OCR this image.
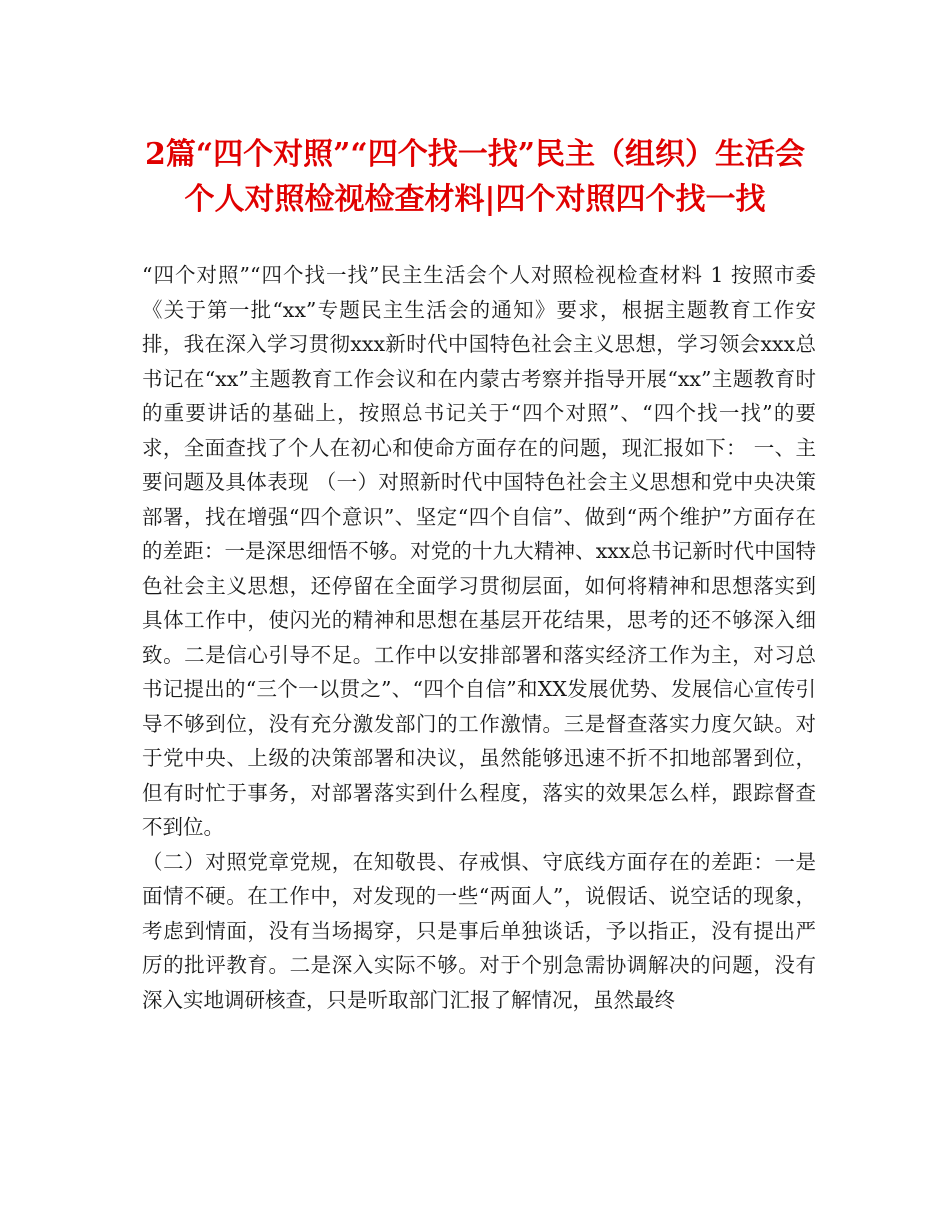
2篇“四个对照”“四个找一找”民主（组织）生活会
个人对照检视检查材料|四个对照四个找一找

“四个对照”“四个找一找”民主生活会个人对照检视检查材料 1 按照市委《关于第一批“xx”专题民主生活会的通知》要求，根据主题教育工作安排，我在深入学习贯彻xxx新时代中国特色社会主义思想，学习领会xxx总书记在“xx”主题教育工作会议和在内蒙古考察并指导开展“xx”主题教育时的重要讲话的基础上，按照总书记关于“四个对照”、“四个找一找”的要求，全面查找了个人在初心和使命方面存在的问题，现汇报如下： 一、主要问题及具体表现 （一）对照新时代中国特色社会主义思想和党中央决策部署，找在增强“四个意识”、坚定“四个自信”、做到“两个维护”方面存在的差距：一是深思细悟不够。对党的十九大精神、xxx总书记新时代中国特色社会主义思想，还停留在全面学习贯彻层面，如何将精神和思想落实到具体工作中，使闪光的精神和思想在基层开花结果，思考的还不够深入细致。二是信心引导不足。工作中以安排部署和落实经济工作为主，对习总书记提出的“三个一以贯之”、“四个自信”和XX发展优势、发展信心宣传引导不够到位，没有充分激发部门的工作激情。三是督查落实力度欠缺。对于党中央、上级的决策部署和决议，虽然能够迅速不折不扣地部署到位，但有时忙于事务，对部署落实到什么程度，落实的效果怎么样，跟踪督查不到位。

（二）对照党章党规，在知敬畏、存戒惧、守底线方面存在的差距：一是面情不硬。在工作中，对发现的一些“两面人”，说假话、说空话的现象，考虑到情面，没有当场揭穿，只是事后单独谈话，予以指正，没有提出严厉的批评教育。二是深入实际不够。对于个别急需协调解决的问题，没有深入实地调研核查，只是听取部门汇报了解情况，虽然最终
